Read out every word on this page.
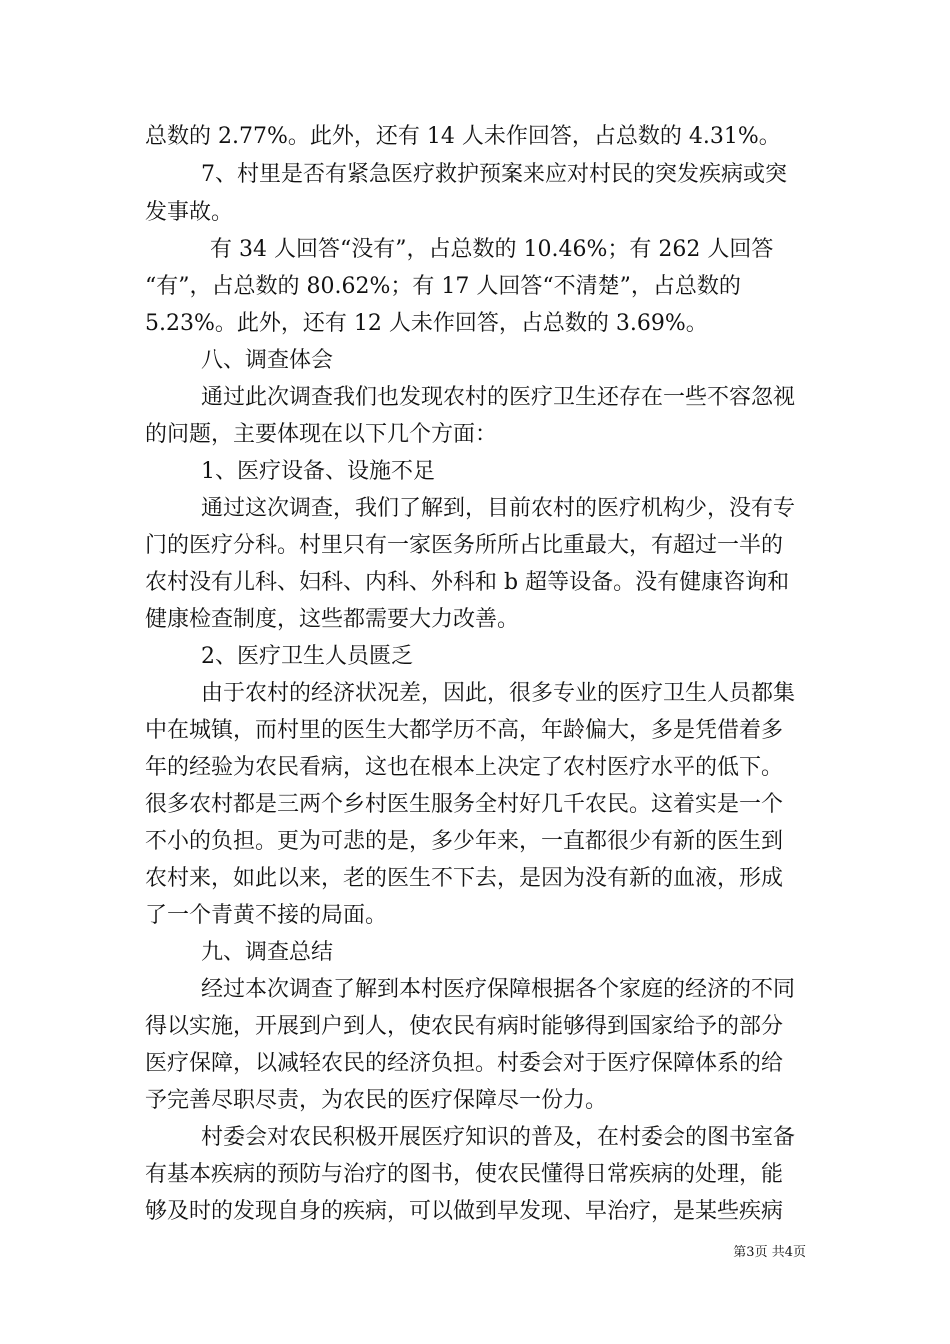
总数的 2.77%。此外，还有 14 人未作回答，占总数的 4.31%。
7、村里是否有紧急医疗救护预案来应对村民的突发疾病或突
发事故。
有 34 人回答“没有”，占总数的 10.46%；有 262 人回答
“有”，占总数的 80.62%；有 17 人回答“不清楚”，占总数的
5.23%。此外，还有 12 人未作回答，占总数的 3.69%。
八、调查体会
通过此次调查我们也发现农村的医疗卫生还存在一些不容忽视
的问题，主要体现在以下几个方面：
1、医疗设备、设施不足
通过这次调查，我们了解到，目前农村的医疗机构少，没有专
门的医疗分科。村里只有一家医务所所占比重最大，有超过一半的
农村没有儿科、妇科、内科、外科和 b 超等设备。没有健康咨询和
健康检查制度，这些都需要大力改善。
2、医疗卫生人员匮乏
由于农村的经济状况差，因此，很多专业的医疗卫生人员都集
中在城镇，而村里的医生大都学历不高，年龄偏大，多是凭借着多
年的经验为农民看病，这也在根本上决定了农村医疗水平的低下。
很多农村都是三两个乡村医生服务全村好几千农民。这着实是一个
不小的负担。更为可悲的是，多少年来，一直都很少有新的医生到
农村来，如此以来，老的医生不下去，是因为没有新的血液，形成
了一个青黄不接的局面。
九、调查总结
经过本次调查了解到本村医疗保障根据各个家庭的经济的不同
得以实施，开展到户到人，使农民有病时能够得到国家给予的部分
医疗保障，以减轻农民的经济负担。村委会对于医疗保障体系的给
予完善尽职尽责，为农民的医疗保障尽一份力。
村委会对农民积极开展医疗知识的普及，在村委会的图书室备
有基本疾病的预防与治疗的图书，使农民懂得日常疾病的处理，能
够及时的发现自身的疾病，可以做到早发现、早治疗，是某些疾病
第3页 共4页
